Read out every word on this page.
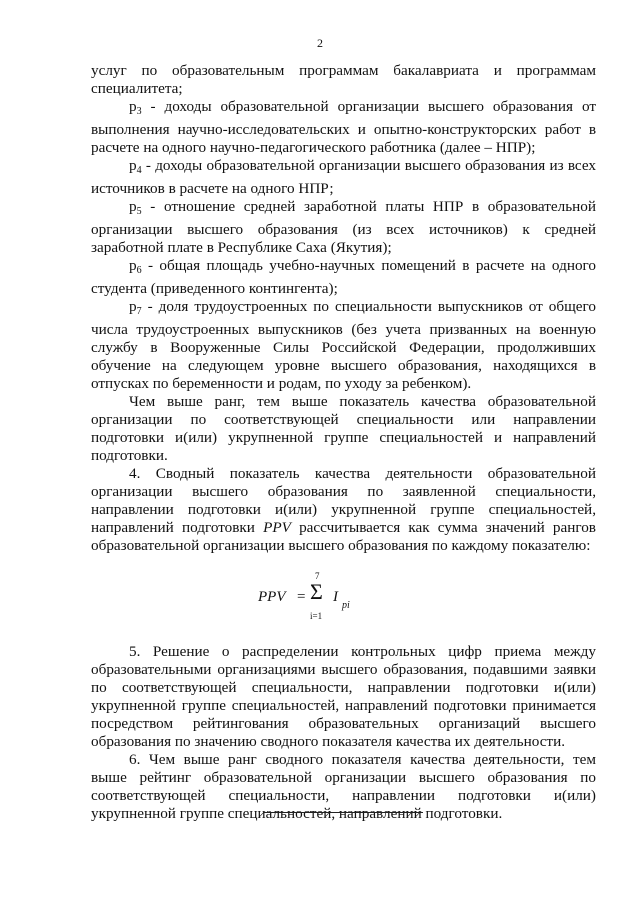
2

услуг по образовательным программам бакалавриата и программам специалитета;

р3 - доходы образовательной организации высшего образования от выполнения научно-исследовательских и опытно-конструкторских работ в расчете на одного научно-педагогического работника (далее – НПР);

р4 - доходы образовательной организации высшего образования из всех источников в расчете на одного НПР;

р5 - отношение средней заработной платы НПР в образовательной организации высшего образования (из всех источников) к средней заработной плате в Республике Саха (Якутия);

р6 - общая площадь учебно-научных помещений в расчете на одного студента (приведенного контингента);

р7 - доля трудоустроенных по специальности выпускников от общего числа трудоустроенных выпускников (без учета призванных на военную службу в Вооруженные Силы Российской Федерации, продолживших обучение на следующем уровне высшего образования, находящихся в отпусках по беременности и родам, по уходу за ребенком).

Чем выше ранг, тем выше показатель качества образовательной организации по соответствующей специальности или направлении подготовки и(или) укрупненной группе специальностей и направлений подготовки.

4. Сводный показатель качества деятельности образовательной организации высшего образования по заявленной специальности, направлении подготовки и(или) укрупненной группе специальностей, направлений подготовки PPV рассчитывается как сумма значений рангов образовательной организации высшего образования по каждому показателю:

PPV =
7
Σ
i=1
I
pi

5. Решение о распределении контрольных цифр приема между образовательными организациями высшего образования, подавшими заявки по соответствующей специальности, направлении подготовки и(или) укрупненной группе специальностей, направлений подготовки принимается посредством рейтингования образовательных организаций высшего образования по значению сводного показателя качества их деятельности.

6. Чем выше ранг сводного показателя качества деятельности, тем выше рейтинг образовательной организации высшего образования по соответствующей специальности, направлении подготовки и(или) укрупненной группе специальностей, направлений подготовки.
